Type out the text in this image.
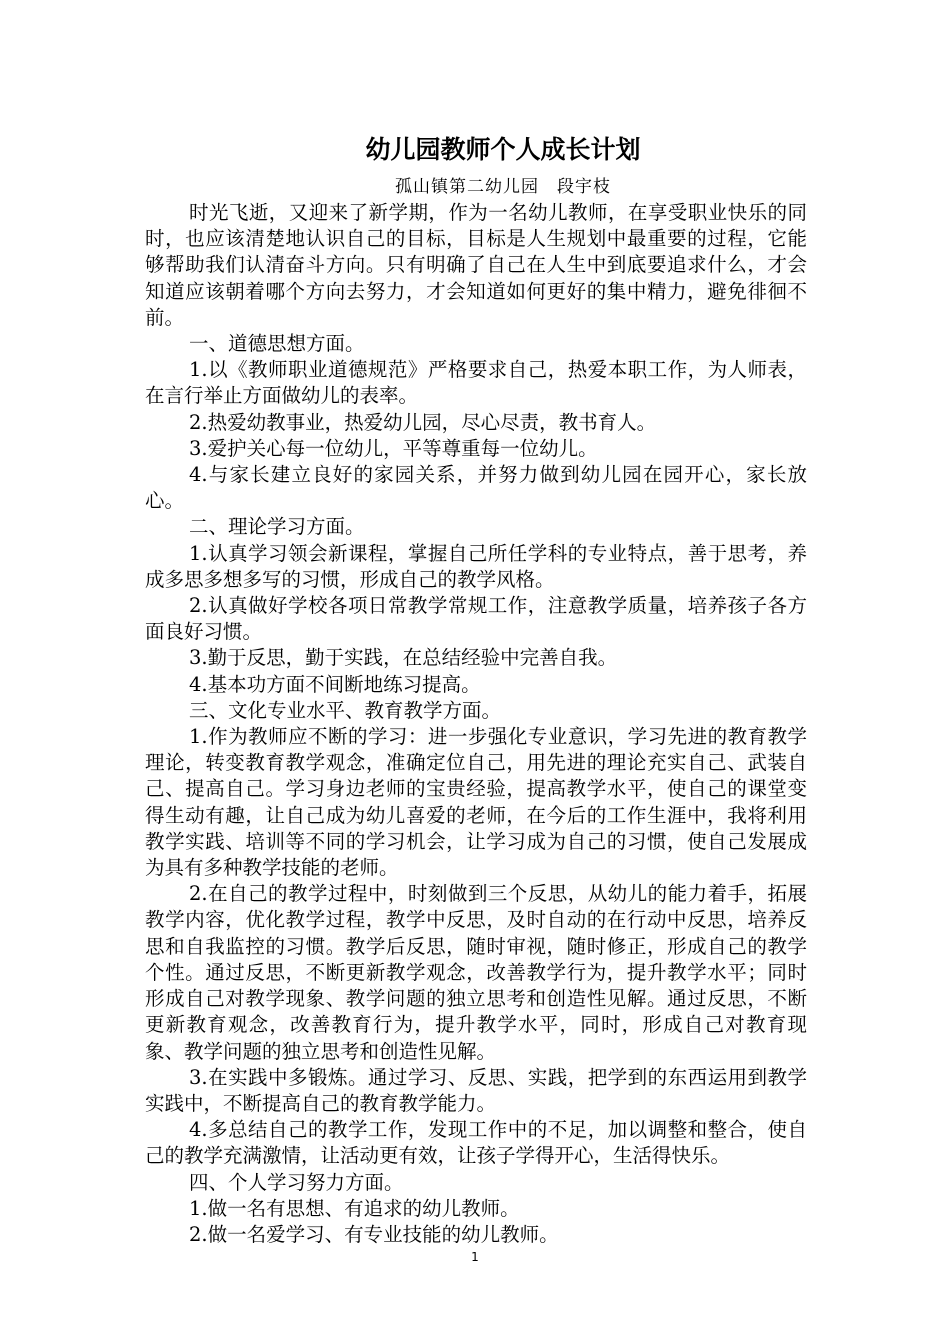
幼儿园教师个人成长计划
孤山镇第二幼儿园　段宇枝

时光飞逝，又迎来了新学期，作为一名幼儿教师，在享受职业快乐的同时，也应该清楚地认识自己的目标，目标是人生规划中最重要的过程，它能够帮助我们认清奋斗方向。只有明确了自己在人生中到底要追求什么，才会知道应该朝着哪个方向去努力，才会知道如何更好的集中精力，避免徘徊不前。

一、道德思想方面。

1.以《教师职业道德规范》严格要求自己，热爱本职工作，为人师表，在言行举止方面做幼儿的表率。

2.热爱幼教事业，热爱幼儿园，尽心尽责，教书育人。

3.爱护关心每一位幼儿，平等尊重每一位幼儿。

4.与家长建立良好的家园关系，并努力做到幼儿园在园开心，家长放心。

二、理论学习方面。

1.认真学习领会新课程，掌握自己所任学科的专业特点，善于思考，养成多思多想多写的习惯，形成自己的教学风格。

2.认真做好学校各项日常教学常规工作，注意教学质量，培养孩子各方面良好习惯。

3.勤于反思，勤于实践，在总结经验中完善自我。

4.基本功方面不间断地练习提高。

三、文化专业水平、教育教学方面。

1.作为教师应不断的学习：进一步强化专业意识，学习先进的教育教学理论，转变教育教学观念，准确定位自己，用先进的理论充实自己、武装自己、提高自己。学习身边老师的宝贵经验，提高教学水平，使自己的课堂变得生动有趣，让自己成为幼儿喜爱的老师，在今后的工作生涯中，我将利用教学实践、培训等不同的学习机会，让学习成为自己的习惯，使自己发展成为具有多种教学技能的老师。

2.在自己的教学过程中，时刻做到三个反思，从幼儿的能力着手，拓展教学内容，优化教学过程，教学中反思，及时自动的在行动中反思，培养反思和自我监控的习惯。教学后反思，随时审视，随时修正，形成自己的教学个性。通过反思，不断更新教学观念，改善教学行为，提升教学水平；同时形成自己对教学现象、教学问题的独立思考和创造性见解。通过反思，不断更新教育观念，改善教育行为，提升教学水平，同时，形成自己对教育现象、教学问题的独立思考和创造性见解。

3.在实践中多锻炼。通过学习、反思、实践，把学到的东西运用到教学实践中，不断提高自己的教育教学能力。

4.多总结自己的教学工作，发现工作中的不足，加以调整和整合，使自己的教学充满激情，让活动更有效，让孩子学得开心，生活得快乐。

四、个人学习努力方面。

1.做一名有思想、有追求的幼儿教师。

2.做一名爱学习、有专业技能的幼儿教师。

1
